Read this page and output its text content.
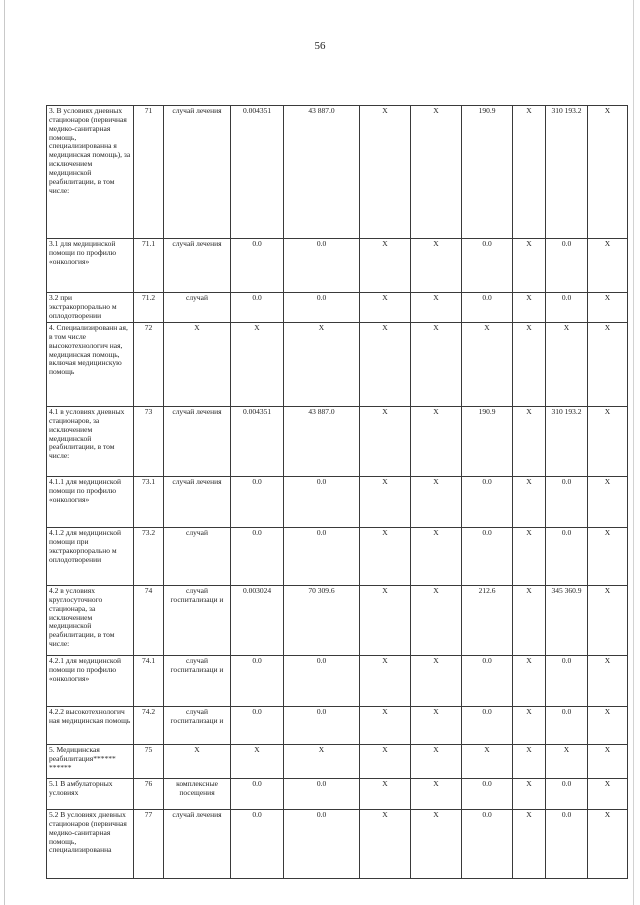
56
3. В условиях дневных стационаров (первичная медико-санитарная помощь, специализированна я медицинская помощь), за исключением медицинской реабилитации, в том числе:	71	случай лечения	0.004351	43 887.0	X	X	190.9	X	310 193.2	X
3.1 для медицинской помощи по профилю «онкология»	71.1	случай лечения	0.0	0.0	X	X	0.0	X	0.0	X
3.2 при экстракорпорально м оплодотворении	71.2	случай	0.0	0.0	X	X	0.0	X	0.0	X
4. Специализированн ая, в том числе высокотехнологич ная, медицинская помощь, включая медицинскую помощь	72	X	X	X	X	X	X	X	X	X
4.1 в условиях дневных стационаров, за исключением медицинской реабилитации, в том числе:	73	случай лечения	0.004351	43 887.0	X	X	190.9	X	310 193.2	X
4.1.1 для медицинской помощи по профилю «онкология»	73.1	случай лечения	0.0	0.0	X	X	0.0	X	0.0	X
4.1.2 для медицинской помощи при экстракорпорально м оплодотворении	73.2	случай	0.0	0.0	X	X	0.0	X	0.0	X
4.2 в условиях круглосуточного стационара, за исключением медицинской реабилитации, в том числе:	74	случай госпитализаци и	0.003024	70 309.6	X	X	212.6	X	345 360.9	X
4.2.1 для медицинской помощи по профилю «онкология»	74.1	случай госпитализаци и	0.0	0.0	X	X	0.0	X	0.0	X
4.2.2 высокотехнологич ная медицинская помощь	74.2	случай госпитализаци и	0.0	0.0	X	X	0.0	X	0.0	X
5. Медицинская реабилитация****** ******	75	X	X	X	X	X	X	X	X	X
5.1 В амбулаторных условиях	76	комплексные посещения	0.0	0.0	X	X	0.0	X	0.0	X
5.2 В условиях дневных стационаров (первичная медико-санитарная помощь, специализированна	77	случай лечения	0.0	0.0	X	X	0.0	X	0.0	X
